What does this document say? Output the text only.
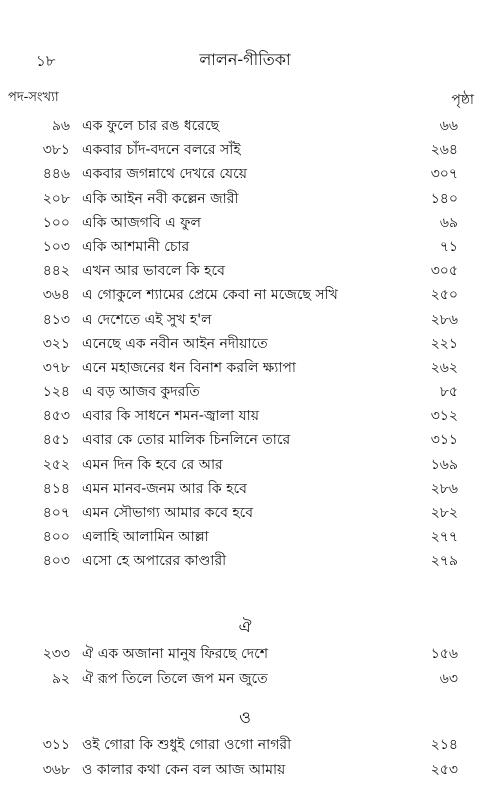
১৮	লালন-গীতিকা
পদ-সংখ্যা	পৃষ্ঠা
৯৬ এক ফুলে চার রঙ ধরেছে	৬৬
৩৮১ একবার চাঁদ-বদনে বলরে সাঁই	২৬৪
৪৪৬ একবার জগন্নাথে দেখরে যেয়ে	৩০৭
২০৮ একি আইন নবী কল্লেন জারী	১৪০
১০০ একি আজগবি এ ফুল	৬৯
১০৩ একি আশমানী চোর	৭১
৪৪২ এখন আর ভাবলে কি হবে	৩০৫
৩৬৪ এ গোকুলে শ্যামের প্রেমে কেবা না মজেছে সখি	২৫০
৪১৩ এ দেশেতে এই সুখ হ'ল	২৮৬
৩২১ এনেছে এক নবীন আইন নদীয়াতে	২২১
৩৭৮ এনে মহাজনের ধন বিনাশ করলি ক্ষ্যাপা	২৬২
১২৪ এ বড় আজব কুদরতি	৮৫
৪৫৩ এবার কি সাধনে শমন-জ্বালা যায়	৩১২
৪৫১ এবার কে তোর মালিক চিনলিনে তারে	৩১১
২৫২ এমন দিন কি হবে রে আর	১৬৯
৪১৪ এমন মানব-জনম আর কি হবে	২৮৬
৪০৭ এমন সৌভাগ্য আমার কবে হবে	২৮২
৪০০ এলাহি আলামিন আল্লা	২৭৭
৪০৩ এসো হে অপারের কাণ্ডারী	২৭৯
ঐ
২৩৩ ঐ এক অজানা মানুষ ফিরছে দেশে	১৫৬
৯২ ঐ রূপ তিলে তিলে জপ মন জুতে	৬৩
ও
৩১১ ওই গোরা কি শুধুই গোরা ওগো নাগরী	২১৪
৩৬৮ ও কালার কথা কেন বল আজ আমায়	২৫৩
